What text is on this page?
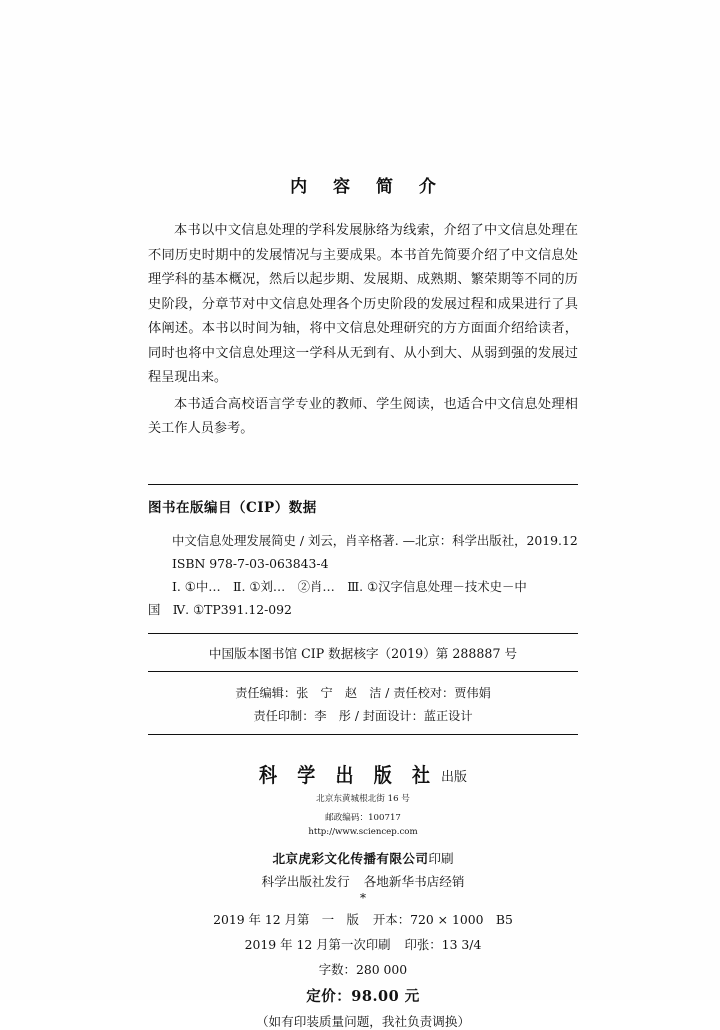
内 容 简 介

本书以中文信息处理的学科发展脉络为线索，介绍了中文信息处理在不同历史时期中的发展情况与主要成果。本书首先简要介绍了中文信息处理学科的基本概况，然后以起步期、发展期、成熟期、繁荣期等不同的历史阶段，分章节对中文信息处理各个历史阶段的发展过程和成果进行了具体阐述。本书以时间为轴，将中文信息处理研究的方方面面介绍给读者，同时也将中文信息处理这一学科从无到有、从小到大、从弱到强的发展过程呈现出来。

本书适合高校语言学专业的教师、学生阅读，也适合中文信息处理相关工作人员参考。

图书在版编目（CIP）数据
中文信息处理发展简史 / 刘云，肖辛格著. —北京：科学出版社，2019.12
ISBN 978-7-03-063843-4
Ⅰ. ①中…　Ⅱ. ①刘…　②肖…　Ⅲ. ①汉字信息处理－技术史－中
国　Ⅳ. ①TP391.12-092
中国版本图书馆 CIP 数据核字（2019）第 288887 号
责任编辑：张　宁　赵　洁 / 责任校对：贾伟娟
责任印制：李　彤 / 封面设计：蓝正设计
科 学 出 版 社 出版
北京东黄城根北街 16 号
邮政编码：100717
http://www.sciencep.com
北京虎彩文化传播有限公司印刷
科学出版社发行 各地新华书店经销
*
2019 年 12 月第　一　版 开本：720 × 1000　B5
2019 年 12 月第一次印刷 印张：13 3/4
字数：280 000
定价：98.00 元
（如有印装质量问题，我社负责调换）
